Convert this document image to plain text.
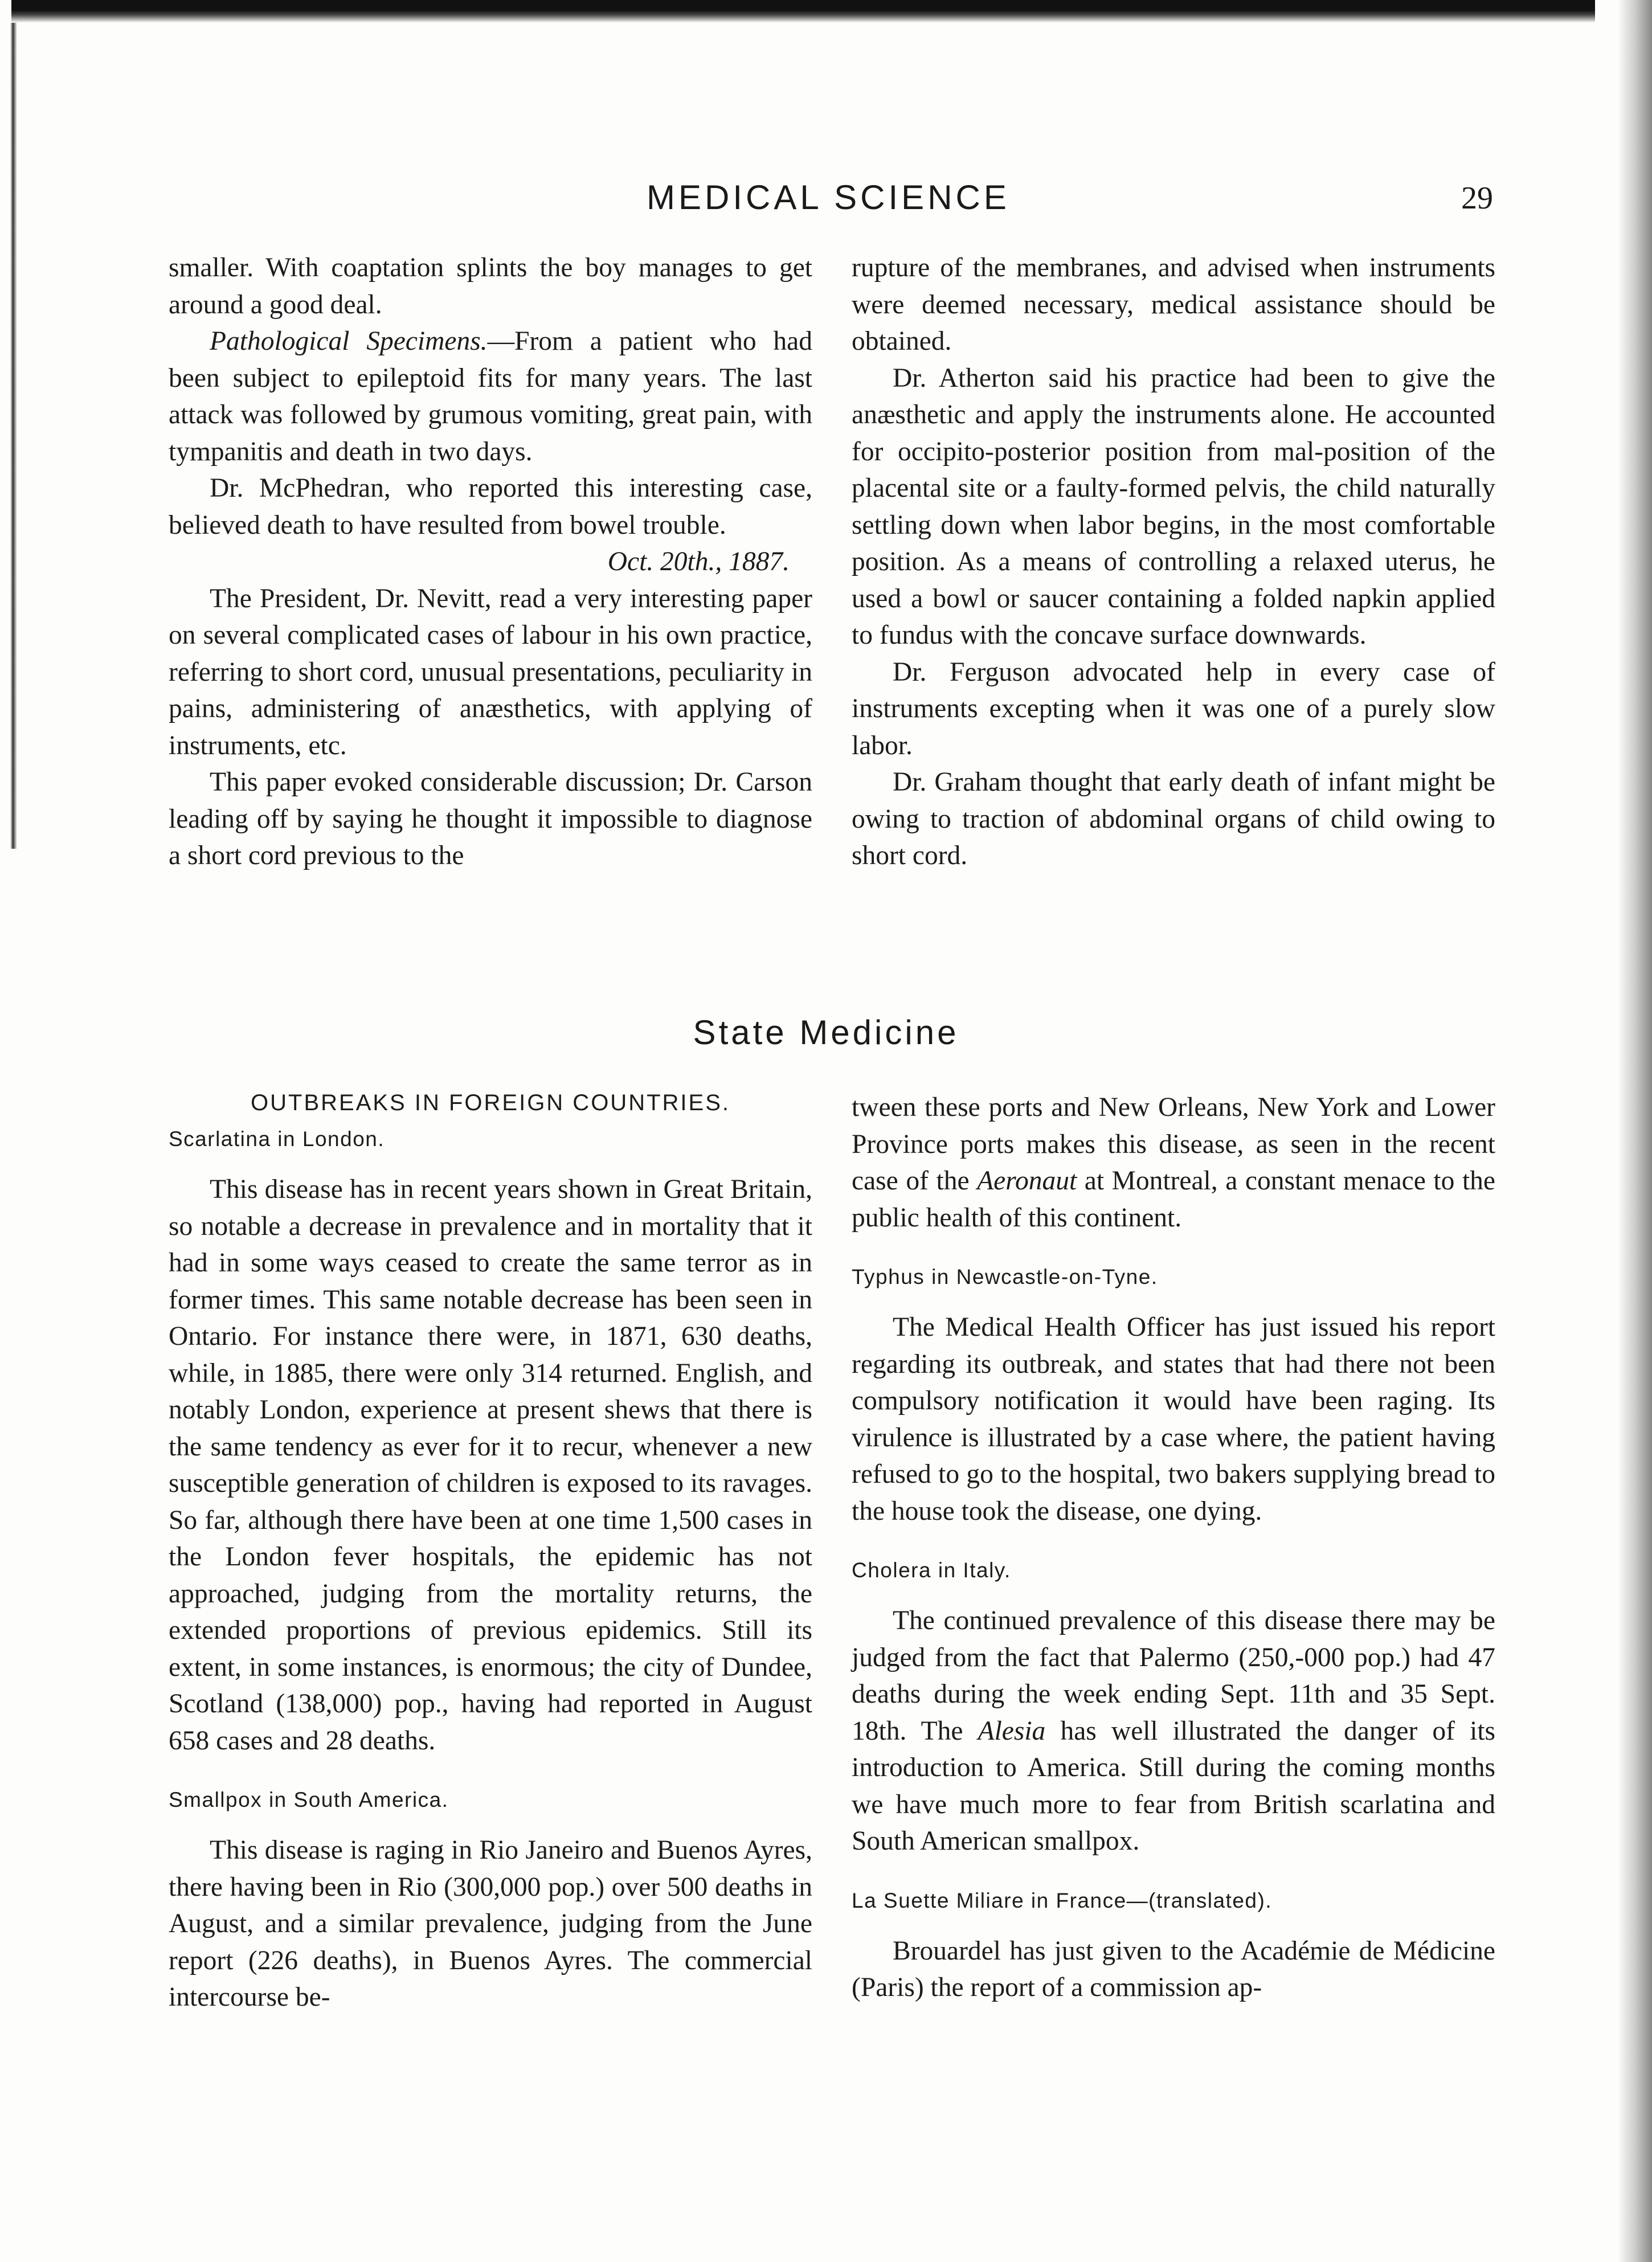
MEDICAL SCIENCE	29

smaller. With coaptation splints the boy manages to get around a good deal.

Pathological Specimens.—From a patient who had been subject to epileptoid fits for many years. The last attack was followed by grumous vomiting, great pain, with tympanitis and death in two days.

Dr. McPhedran, who reported this interesting case, believed death to have resulted from bowel trouble.

Oct. 20th., 1887.

The President, Dr. Nevitt, read a very interesting paper on several complicated cases of labour in his own practice, referring to short cord, unusual presentations, peculiarity in pains, administering of anæsthetics, with applying of instruments, etc.

This paper evoked considerable discussion; Dr. Carson leading off by saying he thought it impossible to diagnose a short cord previous to the

rupture of the membranes, and advised when instruments were deemed necessary, medical assistance should be obtained.

Dr. Atherton said his practice had been to give the anæsthetic and apply the instruments alone. He accounted for occipito-posterior position from mal-position of the placental site or a faulty-formed pelvis, the child naturally settling down when labor begins, in the most comfortable position. As a means of controlling a relaxed uterus, he used a bowl or saucer containing a folded napkin applied to fundus with the concave surface downwards.

Dr. Ferguson advocated help in every case of instruments excepting when it was one of a purely slow labor.

Dr. Graham thought that early death of infant might be owing to traction of abdominal organs of child owing to short cord.

State Medicine
OUTBREAKS IN FOREIGN COUNTRIES.
Scarlatina in London.

This disease has in recent years shown in Great Britain, so notable a decrease in prevalence and in mortality that it had in some ways ceased to create the same terror as in former times. This same notable decrease has been seen in Ontario. For instance there were, in 1871, 630 deaths, while, in 1885, there were only 314 returned. English, and notably London, experience at present shews that there is the same tendency as ever for it to recur, whenever a new susceptible generation of children is exposed to its ravages. So far, although there have been at one time 1,500 cases in the London fever hospitals, the epidemic has not approached, judging from the mortality returns, the extended proportions of previous epidemics. Still its extent, in some instances, is enormous; the city of Dundee, Scotland (138,000) pop., having had reported in August 658 cases and 28 deaths.

Smallpox in South America.

This disease is raging in Rio Janeiro and Buenos Ayres, there having been in Rio (300,000 pop.) over 500 deaths in August, and a similar prevalence, judging from the June report (226 deaths), in Buenos Ayres. The commercial intercourse be-

tween these ports and New Orleans, New York and Lower Province ports makes this disease, as seen in the recent case of the Aeronaut at Montreal, a constant menace to the public health of this continent.

Typhus in Newcastle-on-Tyne.

The Medical Health Officer has just issued his report regarding its outbreak, and states that had there not been compulsory notification it would have been raging. Its virulence is illustrated by a case where, the patient having refused to go to the hospital, two bakers supplying bread to the house took the disease, one dying.

Cholera in Italy.

The continued prevalence of this disease there may be judged from the fact that Palermo (250,-000 pop.) had 47 deaths during the week ending Sept. 11th and 35 Sept. 18th. The Alesia has well illustrated the danger of its introduction to America. Still during the coming months we have much more to fear from British scarlatina and South American smallpox.

La Suette Miliare in France—(translated).

Brouardel has just given to the Académie de Médicine (Paris) the report of a commission ap-
